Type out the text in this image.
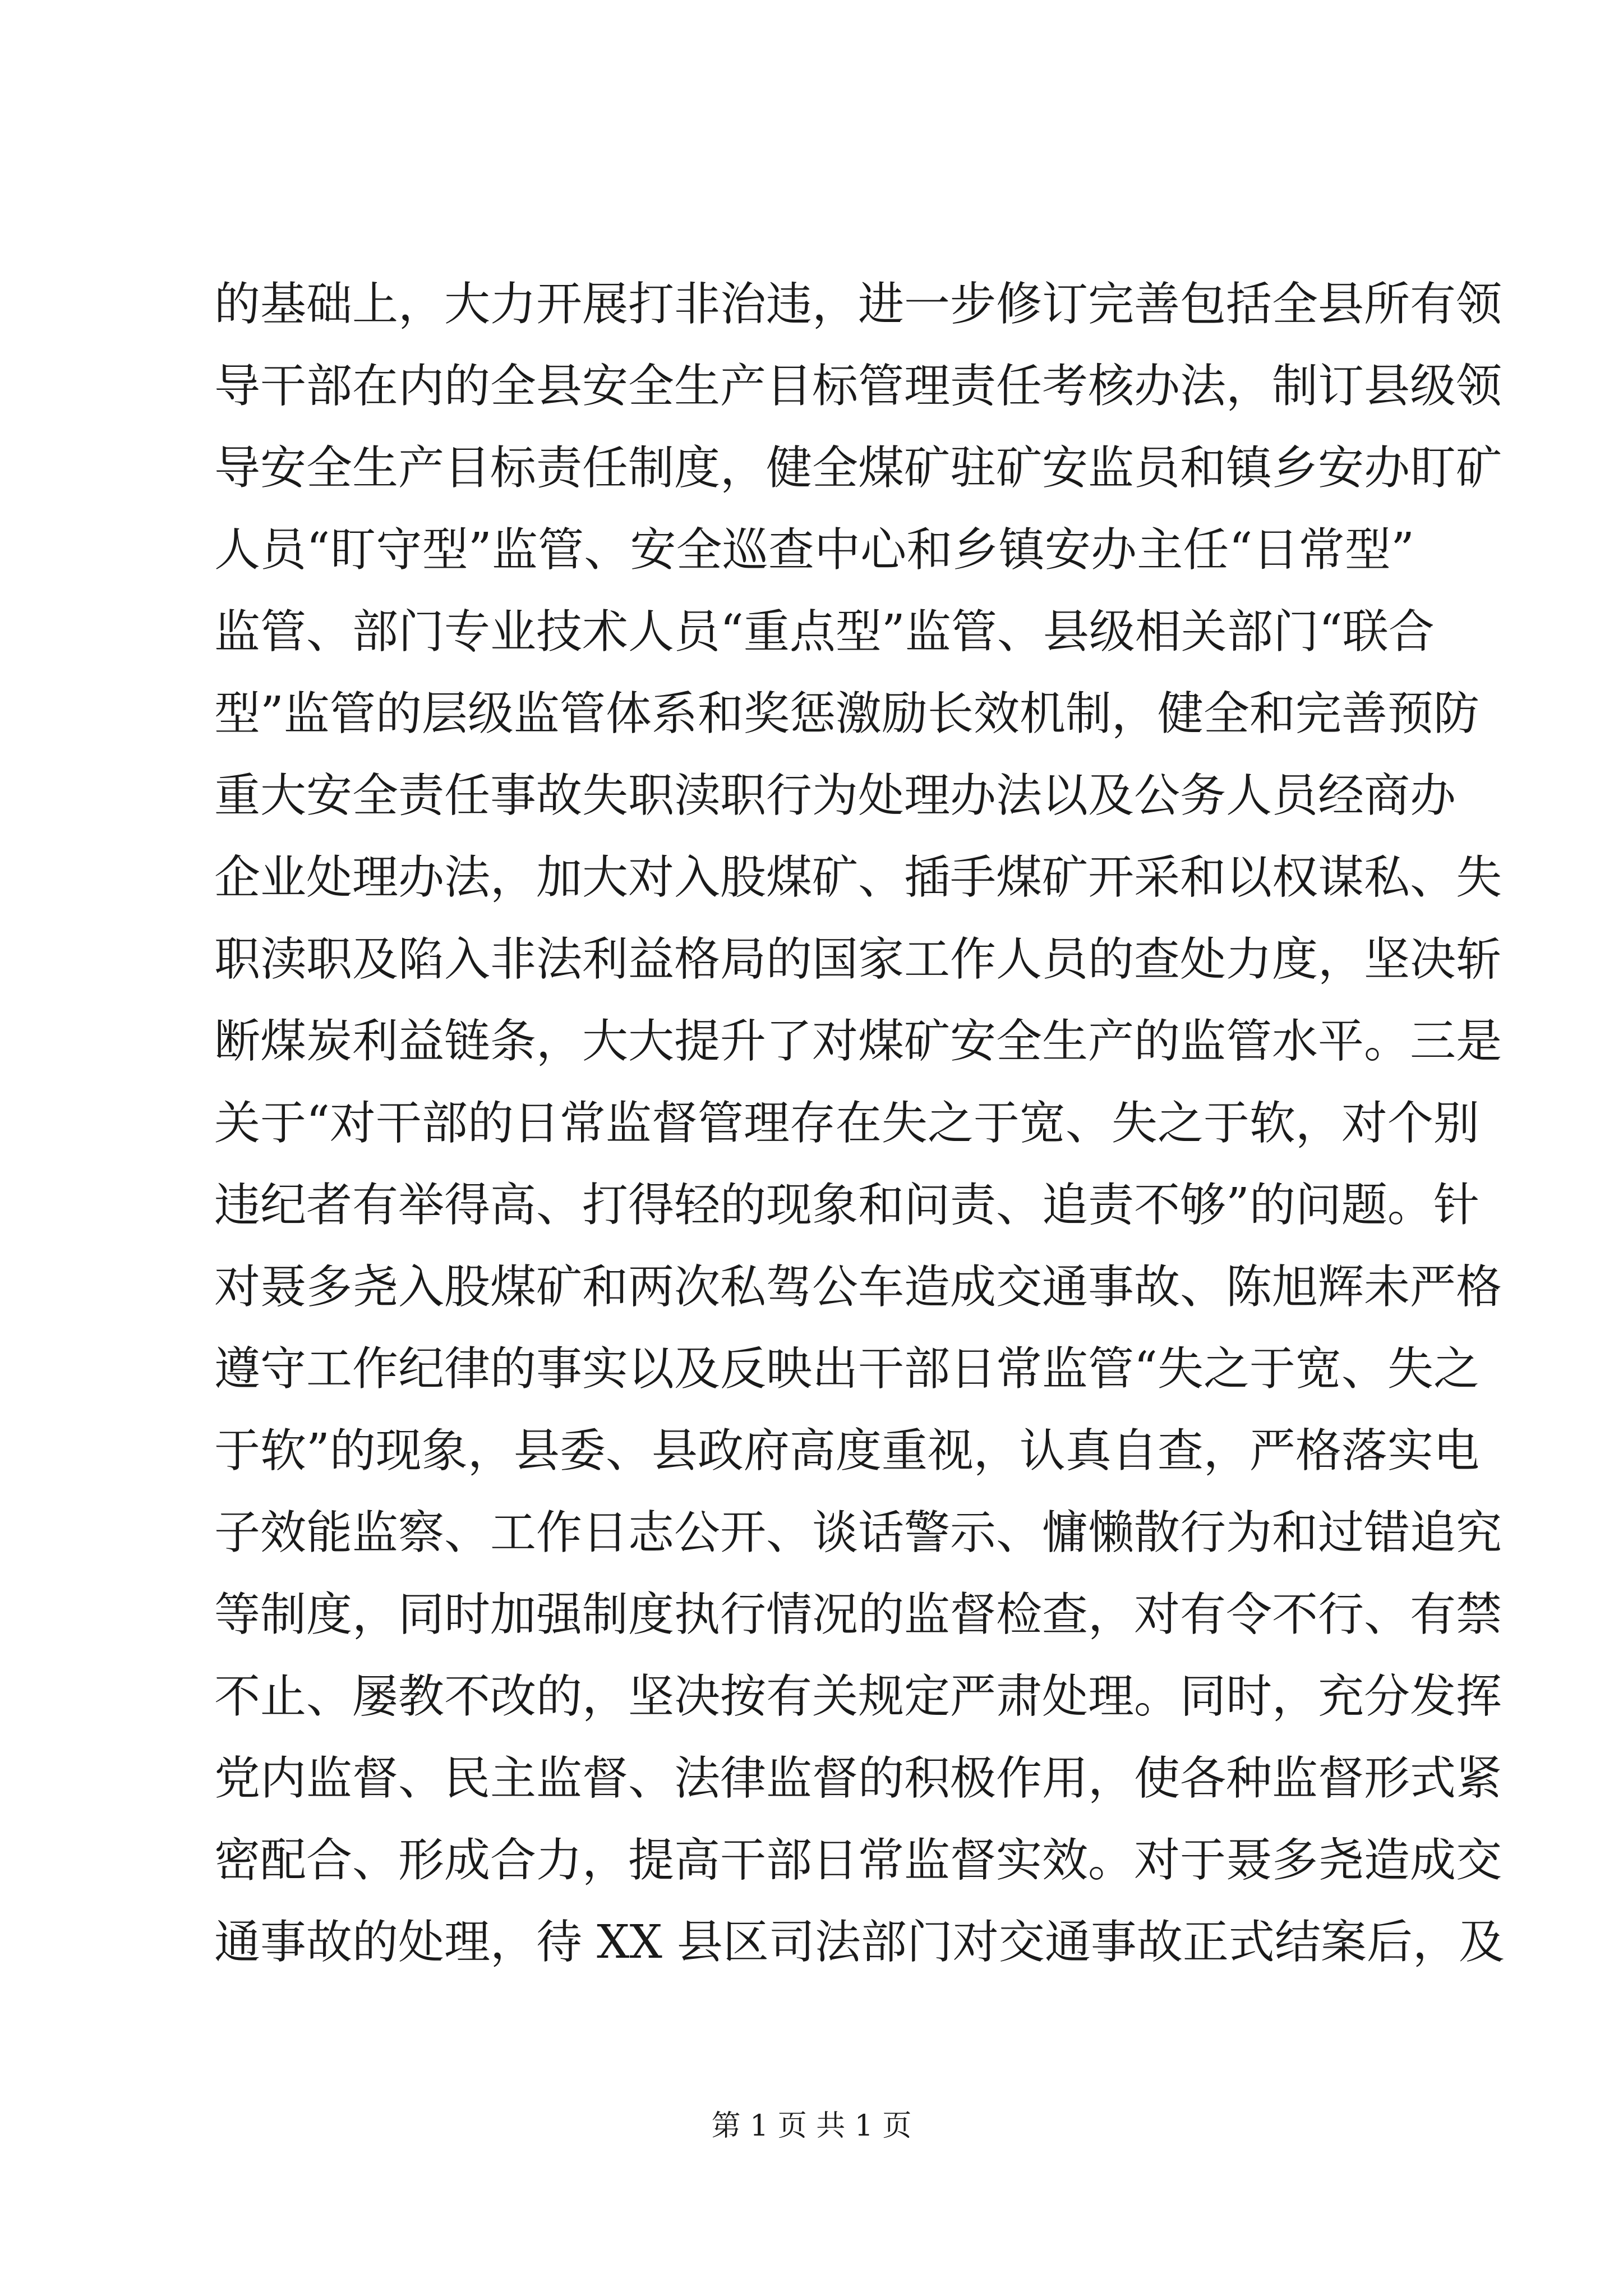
的基础上，大力开展打非治违，进一步修订完善包括全县所有领
导干部在内的全县安全生产目标管理责任考核办法，制订县级领
导安全生产目标责任制度，健全煤矿驻矿安监员和镇乡安办盯矿
人员“盯守型”监管、安全巡查中心和乡镇安办主任“日常型”
监管、部门专业技术人员“重点型”监管、县级相关部门“联合
型”监管的层级监管体系和奖惩激励长效机制，健全和完善预防
重大安全责任事故失职渎职行为处理办法以及公务人员经商办
企业处理办法，加大对入股煤矿、插手煤矿开采和以权谋私、失
职渎职及陷入非法利益格局的国家工作人员的查处力度，坚决斩
断煤炭利益链条，大大提升了对煤矿安全生产的监管水平。三是
关于“对干部的日常监督管理存在失之于宽、失之于软，对个别
违纪者有举得高、打得轻的现象和问责、追责不够”的问题。针
对聂多尧入股煤矿和两次私驾公车造成交通事故、陈旭辉未严格
遵守工作纪律的事实以及反映出干部日常监管“失之于宽、失之
于软”的现象，县委、县政府高度重视，认真自查，严格落实电
子效能监察、工作日志公开、谈话警示、慵懒散行为和过错追究
等制度，同时加强制度执行情况的监督检查，对有令不行、有禁
不止、屡教不改的，坚决按有关规定严肃处理。同时，充分发挥
党内监督、民主监督、法律监督的积极作用，使各种监督形式紧
密配合、形成合力，提高干部日常监督实效。对于聂多尧造成交
通事故的处理，待 XX 县区司法部门对交通事故正式结案后，及
第 1 页 共 1 页
